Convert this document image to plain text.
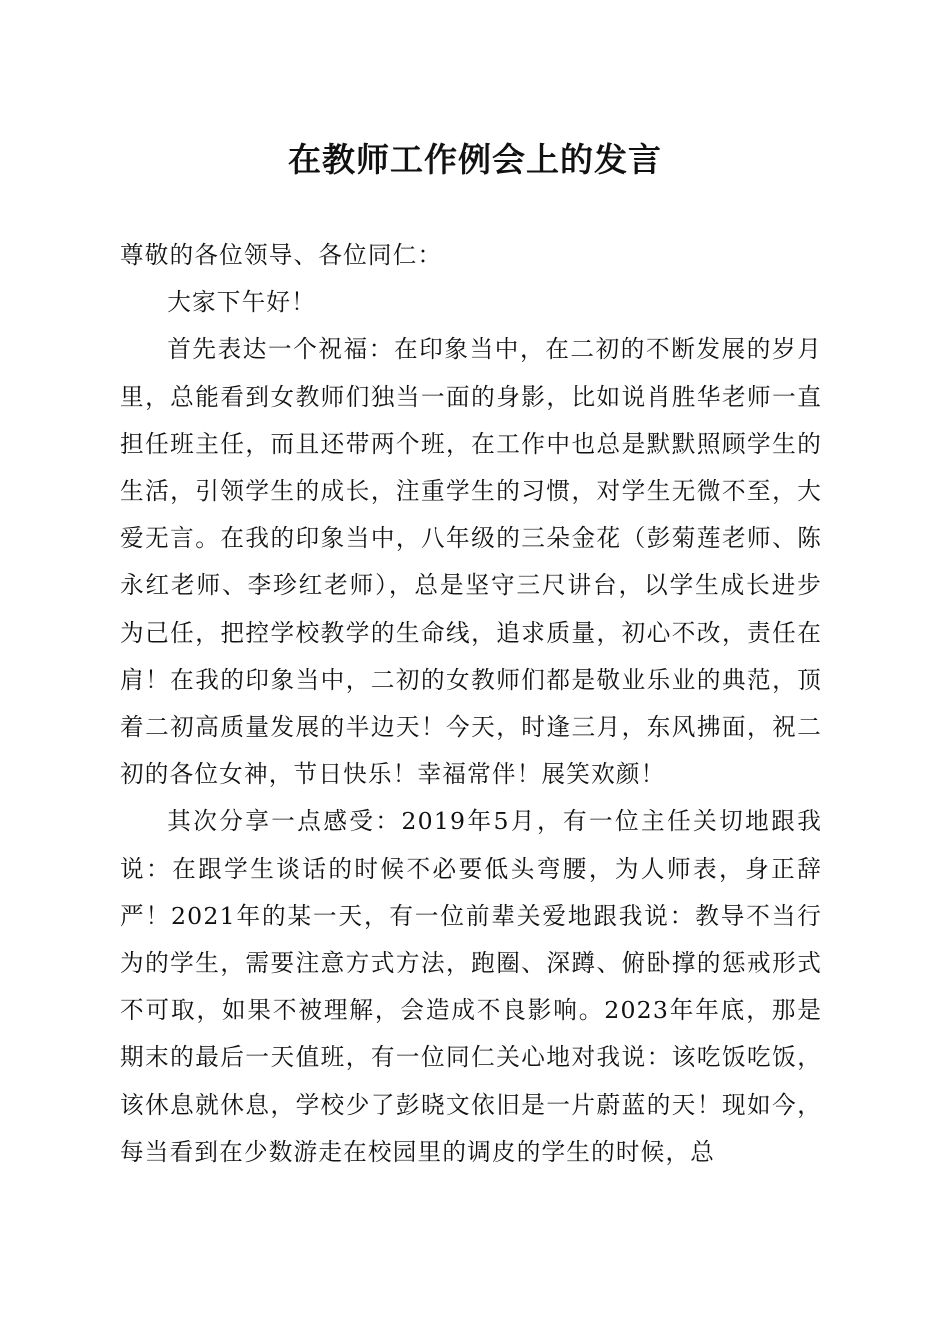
在教师工作例会上的发言

尊敬的各位领导、各位同仁：

大家下午好！

首先表达一个祝福：在印象当中，在二初的不断发展的岁月里，总能看到女教师们独当一面的身影，比如说肖胜华老师一直担任班主任，而且还带两个班，在工作中也总是默默照顾学生的生活，引领学生的成长，注重学生的习惯，对学生无微不至，大爱无言。在我的印象当中，八年级的三朵金花（彭菊莲老师、陈永红老师、李珍红老师），总是坚守三尺讲台，以学生成长进步为己任，把控学校教学的生命线，追求质量，初心不改，责任在肩！在我的印象当中，二初的女教师们都是敬业乐业的典范，顶着二初高质量发展的半边天！今天，时逢三月，东风拂面，祝二初的各位女神，节日快乐！幸福常伴！展笑欢颜！

其次分享一点感受：2019年5月，有一位主任关切地跟我说：在跟学生谈话的时候不必要低头弯腰，为人师表，身正辞严！2021年的某一天，有一位前辈关爱地跟我说：教导不当行为的学生，需要注意方式方法，跑圈、深蹲、俯卧撑的惩戒形式不可取，如果不被理解，会造成不良影响。2023年年底，那是期末的最后一天值班，有一位同仁关心地对我说：该吃饭吃饭，该休息就休息，学校少了彭晓文依旧是一片蔚蓝的天！现如今，每当看到在少数游走在校园里的调皮的学生的时候，总
